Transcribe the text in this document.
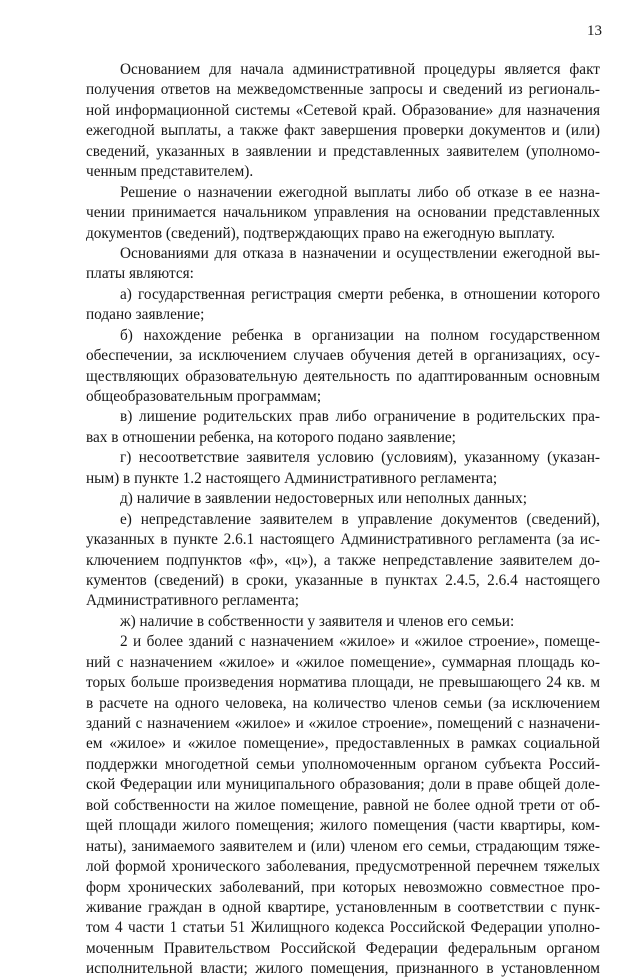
13
Основанием для начала административной процедуры является факт
получения ответов на межведомственные запросы и сведений из региональ-
ной информационной системы «Сетевой край. Образование» для назначения
ежегодной выплаты, а также факт завершения проверки документов и (или)
сведений, указанных в заявлении и представленных заявителем (уполномо-
ченным представителем).
Решение о назначении ежегодной выплаты либо об отказе в ее назна-
чении принимается начальником управления на основании представленных
документов (сведений), подтверждающих право на ежегодную выплату.
Основаниями для отказа в назначении и осуществлении ежегодной вы-
платы являются:
а) государственная регистрация смерти ребенка, в отношении которого
подано заявление;
б) нахождение ребенка в организации на полном государственном
обеспечении, за исключением случаев обучения детей в организациях, осу-
ществляющих образовательную деятельность по адаптированным основным
общеобразовательным программам;
в) лишение родительских прав либо ограничение в родительских пра-
вах в отношении ребенка, на которого подано заявление;
г) несоответствие заявителя условию (условиям), указанному (указан-
ным) в пункте 1.2 настоящего Административного регламента;
д) наличие в заявлении недостоверных или неполных данных;
е) непредставление заявителем в управление документов (сведений),
указанных в пункте 2.6.1 настоящего Административного регламента (за ис-
ключением подпунктов «ф», «ц»), а также непредставление заявителем до-
кументов (сведений) в сроки, указанные в пунктах 2.4.5, 2.6.4 настоящего
Административного регламента;
ж) наличие в собственности у заявителя и членов его семьи:
2 и более зданий с назначением «жилое» и «жилое строение», помеще-
ний с назначением «жилое» и «жилое помещение», суммарная площадь ко-
торых больше произведения норматива площади, не превышающего 24 кв. м
в расчете на одного человека, на количество членов семьи (за исключением
зданий с назначением «жилое» и «жилое строение», помещений с назначени-
ем «жилое» и «жилое помещение», предоставленных в рамках социальной
поддержки многодетной семьи уполномоченным органом субъекта Россий-
ской Федерации или муниципального образования; доли в праве общей доле-
вой собственности на жилое помещение, равной не более одной трети от об-
щей площади жилого помещения; жилого помещения (части квартиры, ком-
наты), занимаемого заявителем и (или) членом его семьи, страдающим тяже-
лой формой хронического заболевания, предусмотренной перечнем тяжелых
форм хронических заболеваний, при которых невозможно совместное про-
живание граждан в одной квартире, установленным в соответствии с пунк-
том 4 части 1 статьи 51 Жилищного кодекса Российской Федерации уполно-
моченным Правительством Российской Федерации федеральным органом
исполнительной власти; жилого помещения, признанного в установленном
